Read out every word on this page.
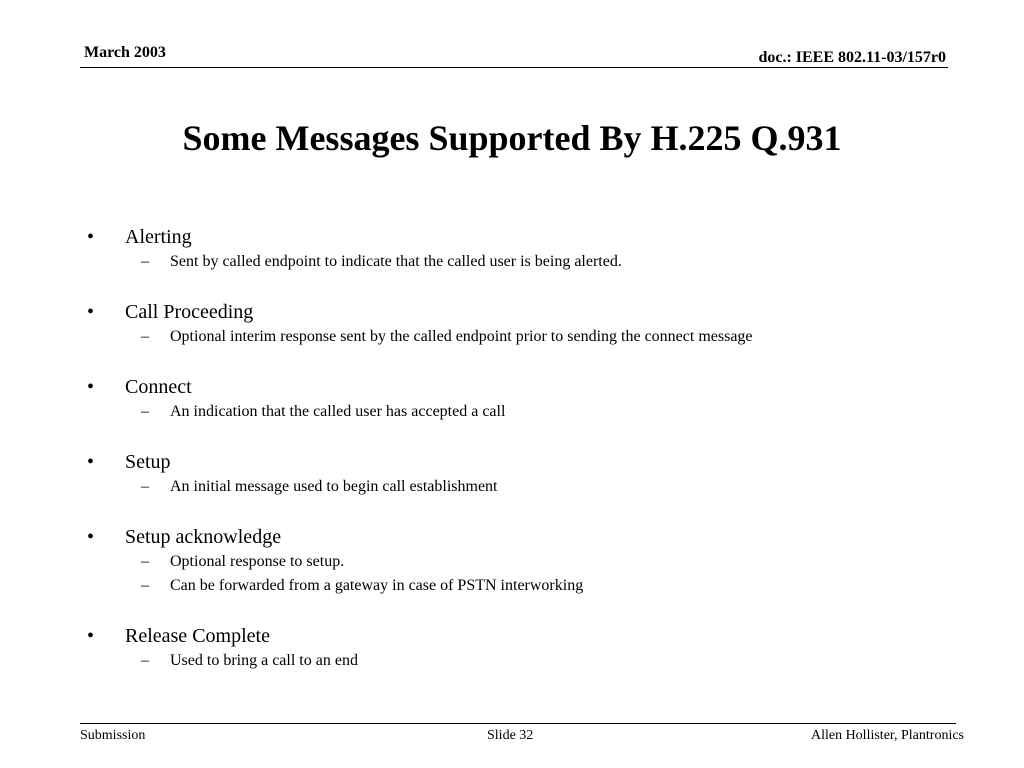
March 2003	doc.: IEEE 802.11-03/157r0
Some Messages Supported By H.225 Q.931
• Alerting
– Sent by called endpoint to indicate that the called user is being alerted.
• Call Proceeding
– Optional interim response sent by the called endpoint prior to sending the connect message
• Connect
– An indication that the called user has accepted a call
• Setup
– An initial message used to begin call establishment
• Setup acknowledge
– Optional response to setup.
– Can be forwarded from a gateway in case of PSTN interworking
• Release Complete
– Used to bring a call to an end
Submission	Slide 32	Allen Hollister, Plantronics
